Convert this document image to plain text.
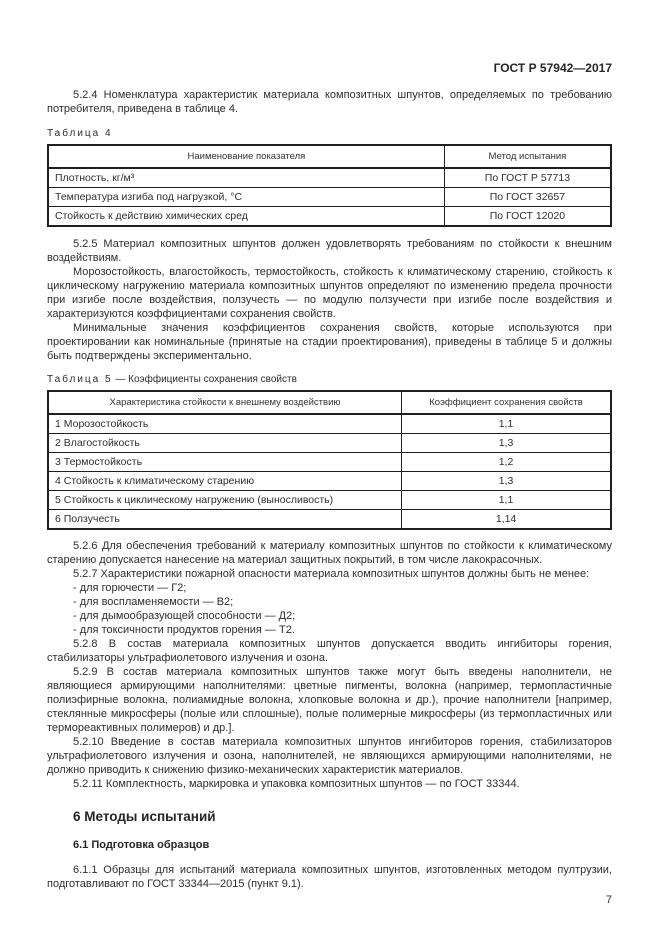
ГОСТ Р 57942—2017

5.2.4 Номенклатура характеристик материала композитных шпунтов, определяемых по требованию потребителя, приведена в таблице 4.

Таблица 4

Наименование показателя	Метод испытания
Плотность, кг/м³	По ГОСТ Р 57713
Температура изгиба под нагрузкой, °С	По ГОСТ 32657
Стойкость к действию химических сред	По ГОСТ 12020

5.2.5 Материал композитных шпунтов должен удовлетворять требованиям по стойкости к внешним воздействиям.

Морозостойкость, влагостойкость, термостойкость, стойкость к климатическому старению, стойкость к циклическому нагружению материала композитных шпунтов определяют по изменению предела прочности при изгибе после воздействия, ползучесть — по модулю ползучести при изгибе после воздействия и характеризуются коэффициентами сохранения свойств.

Минимальные значения коэффициентов сохранения свойств, которые используются при проектировании как номинальные (принятые на стадии проектирования), приведены в таблице 5 и должны быть подтверждены экспериментально.

Таблица 5 — Коэффициенты сохранения свойств

Характеристика стойкости к внешнему воздействию	Коэффициент сохранения свойств
1 Морозостойкость	1,1
2 Влагостойкость	1,3
3 Термостойкость	1,2
4 Стойкость к климатическому старению	1,3
5 Стойкость к циклическому нагружению (выносливость)	1,1
6 Ползучесть	1,14

5.2.6 Для обеспечения требований к материалу композитных шпунтов по стойкости к климатическому старению допускается нанесение на материал защитных покрытий, в том числе лакокрасочных.

5.2.7 Характеристики пожарной опасности материала композитных шпунтов должны быть не менее:

- для горючести — Г2;

- для воспламеняемости — В2;

- для дымообразующей способности — Д2;

- для токсичности продуктов горения — Т2.

5.2.8 В состав материала композитных шпунтов допускается вводить ингибиторы горения, стабилизаторы ультрафиолетового излучения и озона.

5.2.9 В состав материала композитных шпунтов также могут быть введены наполнители, не являющиеся армирующими наполнителями: цветные пигменты, волокна (например, термопластичные полиэфирные волокна, полиамидные волокна, хлопковые волокна и др.), прочие наполнители [например, стеклянные микросферы (полые или сплошные), полые полимерные микросферы (из термопластичных или термореактивных полимеров) и др.].

5.2.10 Введение в состав материала композитных шпунтов ингибиторов горения, стабилизаторов ультрафиолетового излучения и озона, наполнителей, не являющихся армирующими наполнителями, не должно приводить к снижению физико-механических характеристик материалов.

5.2.11 Комплектность, маркировка и упаковка композитных шпунтов — по ГОСТ 33344.

6 Методы испытаний
6.1 Подготовка образцов

6.1.1 Образцы для испытаний материала композитных шпунтов, изготовленных методом пултрузии, подготавливают по ГОСТ 33344—2015 (пункт 9.1).

7
